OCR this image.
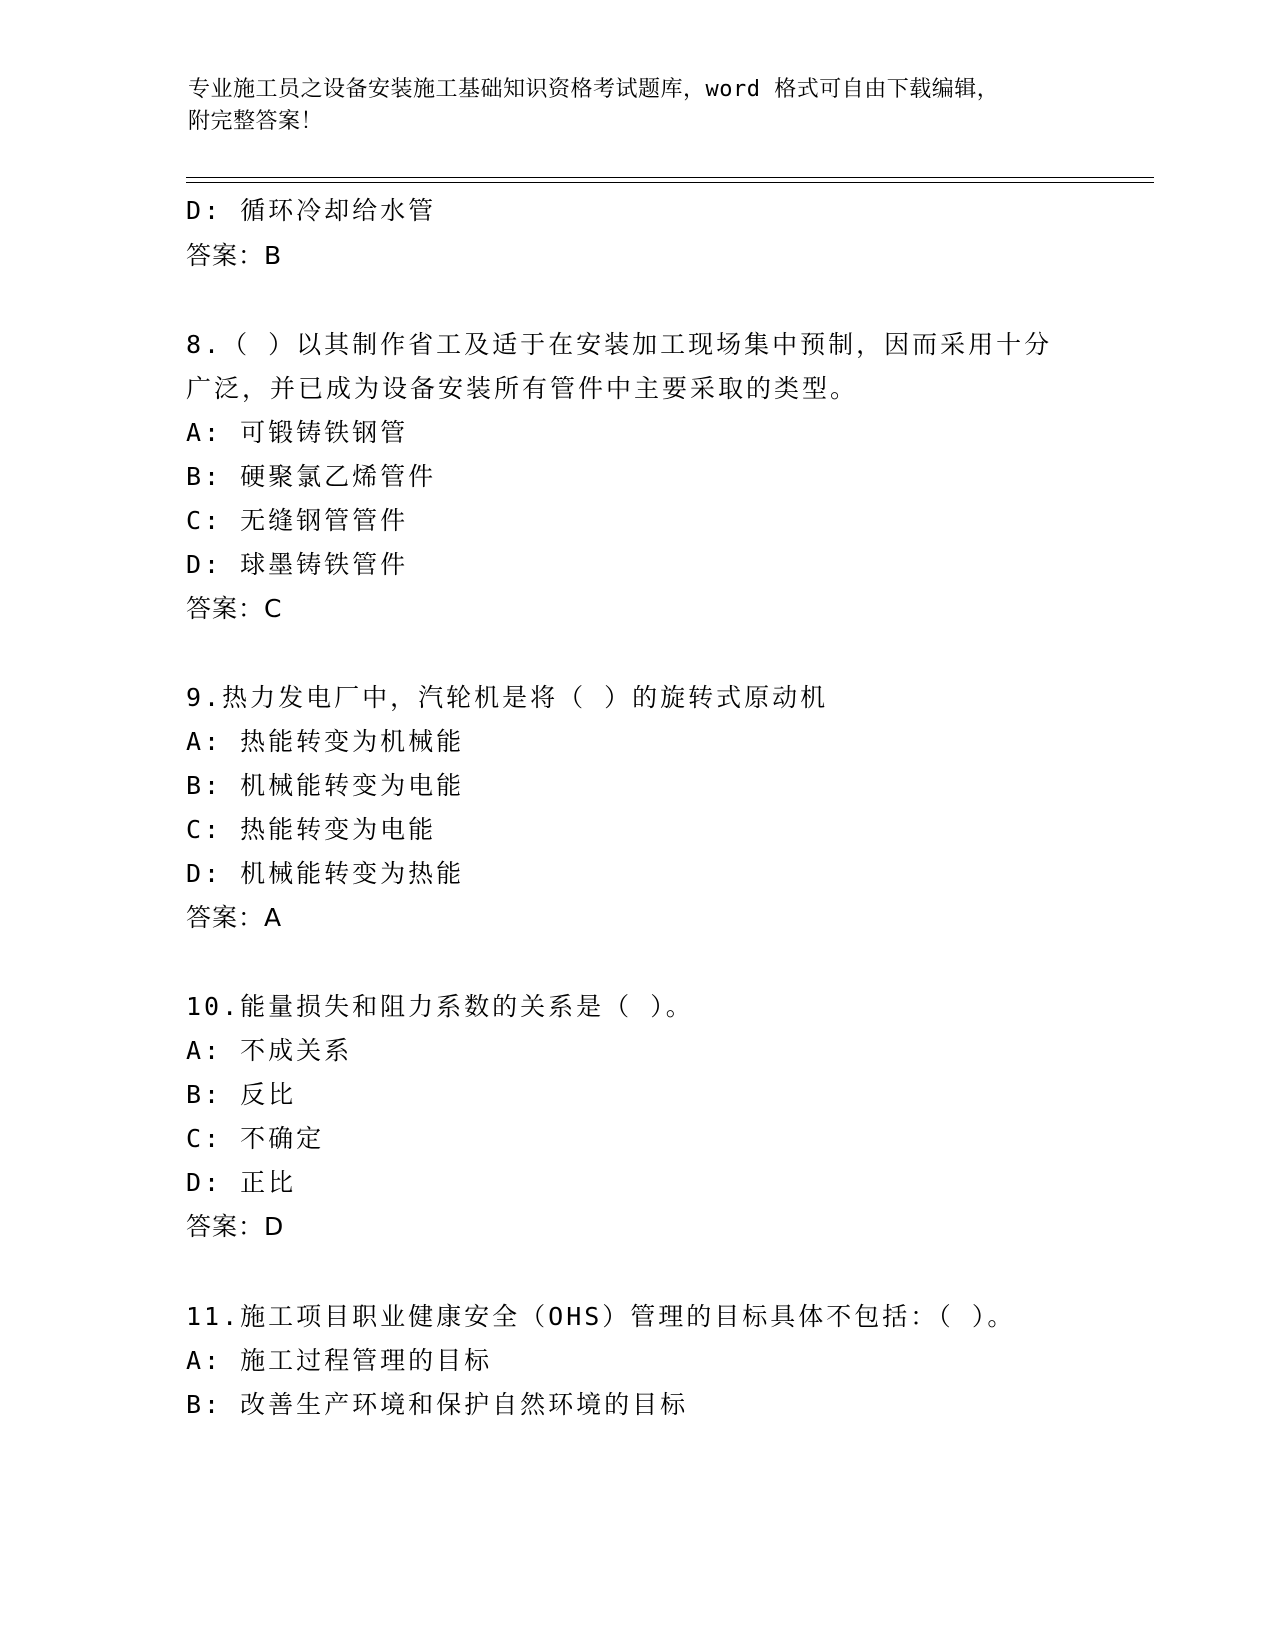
专业施工员之设备安装施工基础知识资格考试题库，word 格式可自由下载编辑，
附完整答案！
D: 循环冷却给水管
答案：B
8.（ ）以其制作省工及适于在安装加工现场集中预制，因而采用十分
广泛，并已成为设备安装所有管件中主要采取的类型。
A: 可锻铸铁钢管
B: 硬聚氯乙烯管件
C: 无缝钢管管件
D: 球墨铸铁管件
答案：C
9.热力发电厂中，汽轮机是将（ ）的旋转式原动机
A: 热能转变为机械能
B: 机械能转变为电能
C: 热能转变为电能
D: 机械能转变为热能
答案：A
10.能量损失和阻力系数的关系是（ ）。
A: 不成关系
B: 反比
C: 不确定
D: 正比
答案：D
11.施工项目职业健康安全（OHS）管理的目标具体不包括：（ ）。
A: 施工过程管理的目标
B: 改善生产环境和保护自然环境的目标
